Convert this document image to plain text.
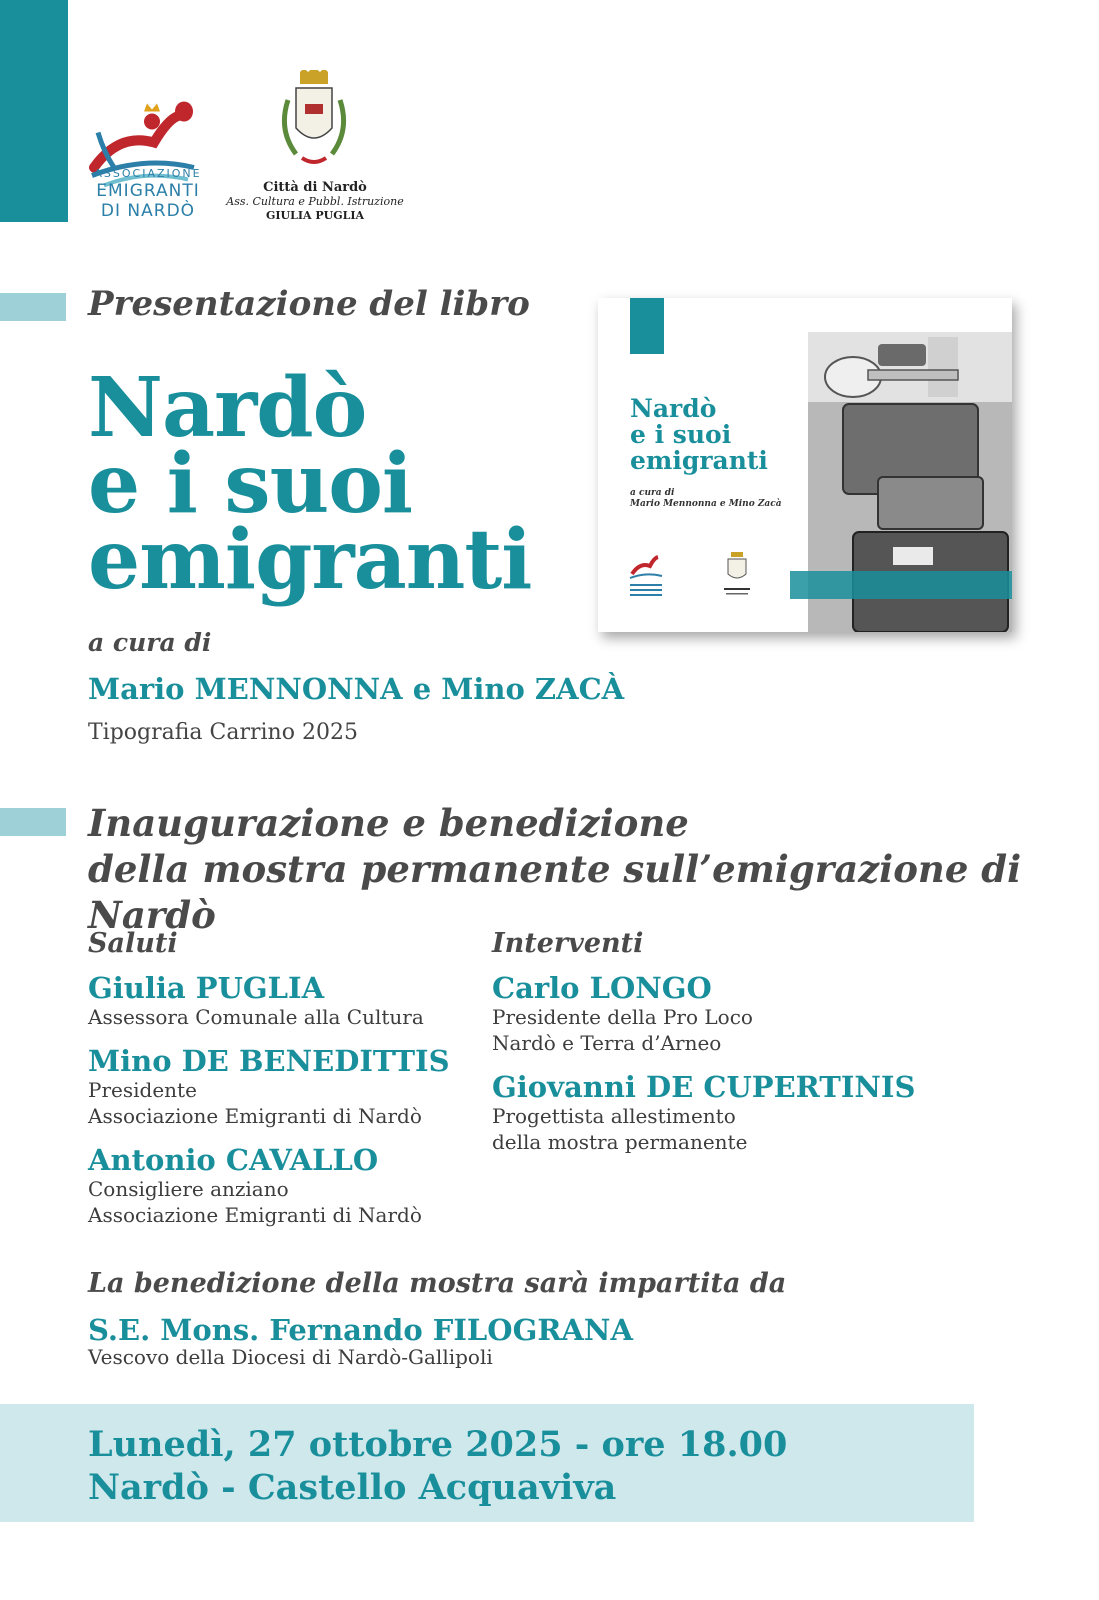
ASSOCIAZIONE
EMIGRANTI
DI NARDÒ
Città di Nardò
Ass. Cultura e Pubbl. Istruzione
GIULIA PUGLIA
Presentazione del libro
Nardò
e i suoi
emigranti
a cura di
Mario MENNONNA e Mino ZACÀ
Tipografia Carrino 2025
Nardò
e i suoi
emigranti
a cura di
Mario Mennonna e Mino Zacà
Inaugurazione e benedizione
della mostra permanente sull’emigrazione di Nardò
Saluti
Giulia PUGLIA
Assessora Comunale alla Cultura
Mino DE BENEDITTIS
Presidente
Associazione Emigranti di Nardò
Antonio CAVALLO
Consigliere anziano
Associazione Emigranti di Nardò
Interventi
Carlo LONGO
Presidente della Pro Loco
Nardò e Terra d’Arneo
Giovanni DE CUPERTINIS
Progettista allestimento
della mostra permanente
La benedizione della mostra sarà impartita da
S.E. Mons. Fernando FILOGRANA
Vescovo della Diocesi di Nardò-Gallipoli
Lunedì, 27 ottobre 2025 - ore 18.00
Nardò - Castello Acquaviva
